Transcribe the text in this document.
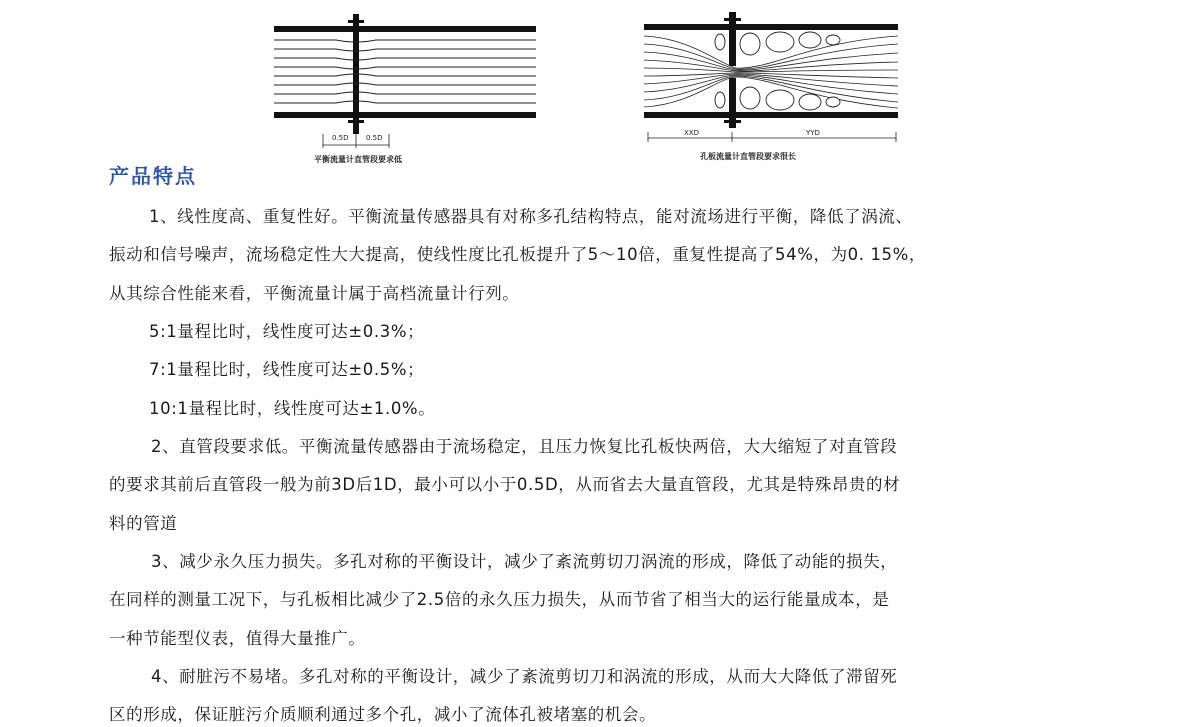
0.5D 0.5D
平衡流量计直管段要求低
XXD	YYD
孔板流量计直管段要求很长
产品特点
1、线性度高、重复性好。平衡流量传感器具有对称多孔结构特点，能对流场进行平衡，降低了涡流、
振动和信号噪声，流场稳定性大大提高，使线性度比孔板提升了5～10倍，重复性提高了54%，为0. 15%，
从其综合性能来看，平衡流量计属于高档流量计行列。
5:1量程比时，线性度可达±0.3%；
7:1量程比时，线性度可达±0.5%；
10:1量程比时，线性度可达±1.0%。
2、直管段要求低。平衡流量传感器由于流场稳定，且压力恢复比孔板快两倍，大大缩短了对直管段
的要求其前后直管段一般为前3D后1D，最小可以小于0.5D，从而省去大量直管段，尤其是特殊昂贵的材
料的管道
3、减少永久压力损失。多孔对称的平衡设计，减少了紊流剪切刀涡流的形成，降低了动能的损失，
在同样的测量工况下，与孔板相比减少了2.5倍的永久压力损失，从而节省了相当大的运行能量成本，是
一种节能型仪表，值得大量推广。
4、耐脏污不易堵。多孔对称的平衡设计，减少了紊流剪切刀和涡流的形成，从而大大降低了滞留死
区的形成，保证脏污介质顺利通过多个孔，减小了流体孔被堵塞的机会。
